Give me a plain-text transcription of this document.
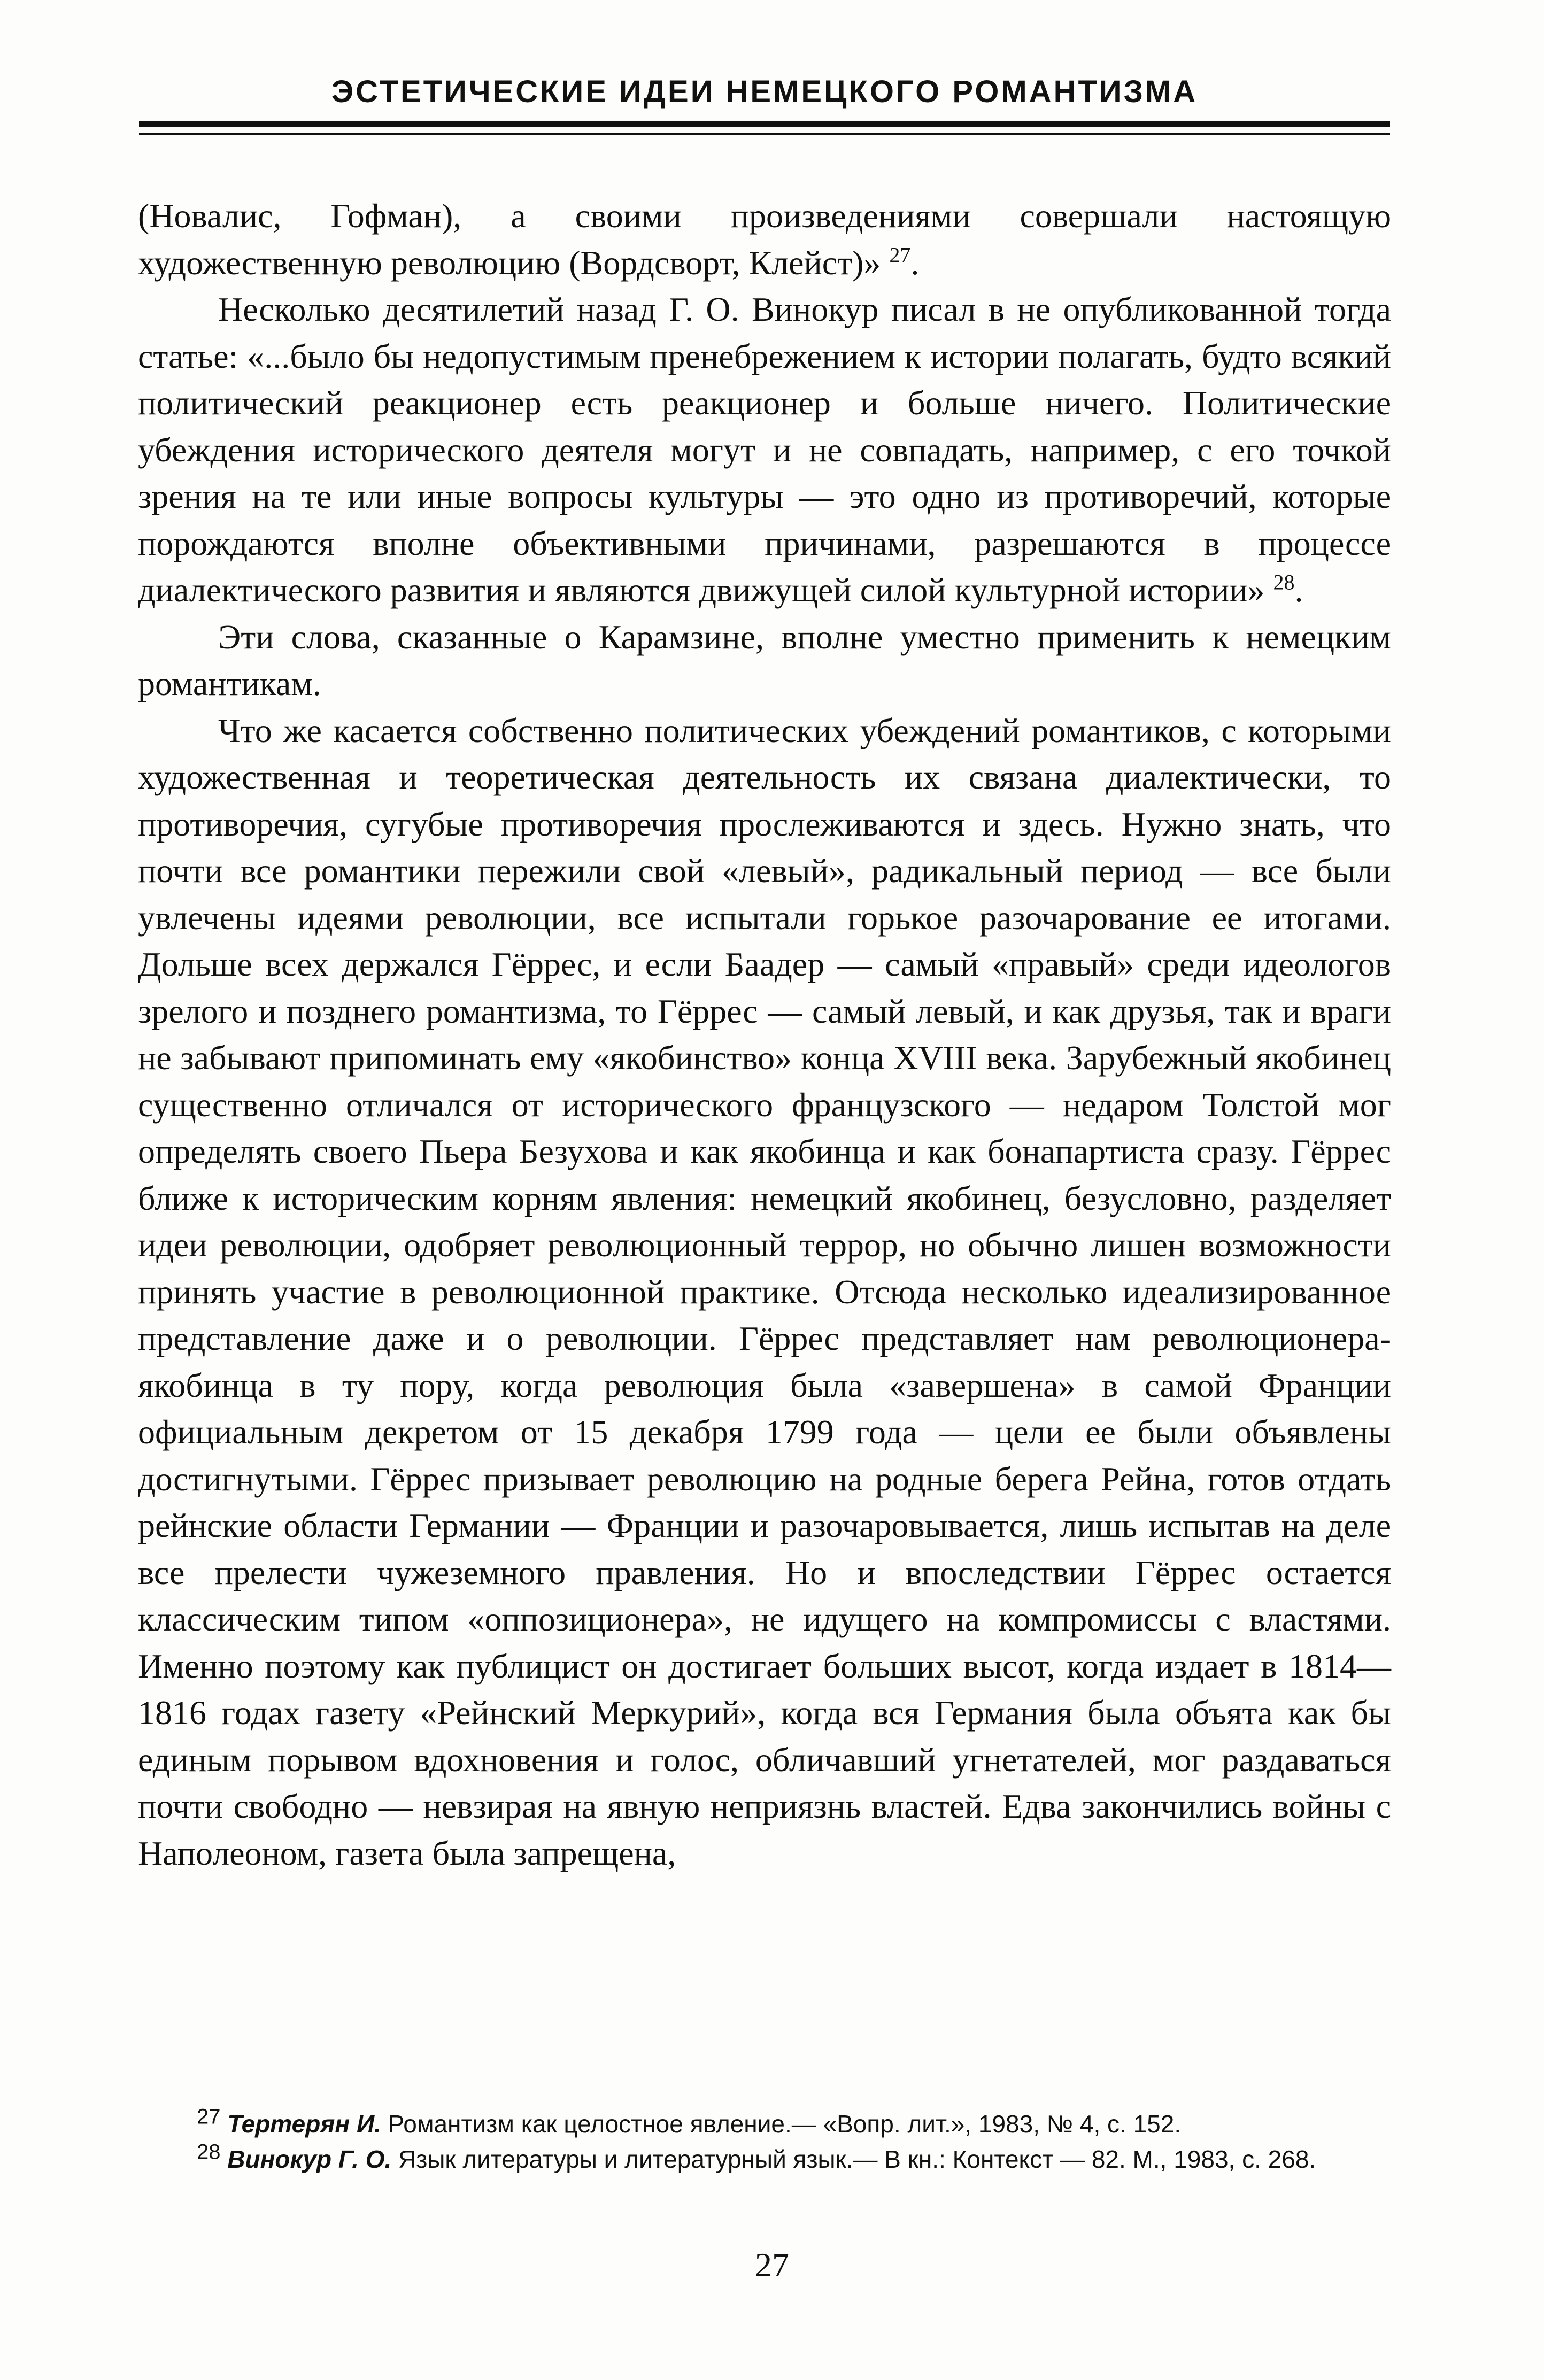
ЭСТЕТИЧЕСКИЕ ИДЕИ НЕМЕЦКОГО РОМАНТИЗМА

(Новалис, Гофман), а своими произведениями совершали настоящую художественную революцию (Вордсворт, Клейст)» $^{27}$.

Несколько десятилетий назад Г. О. Винокур писал в не опубликованной тогда статье: «...было бы недопустимым пренебрежением к истории полагать, будто всякий политический реакционер есть реакционер и больше ничего. Политические убеждения исторического деятеля могут и не совпадать, например, с его точкой зрения на те или иные вопросы культуры — это одно из противоречий, которые порождаются вполне объективными причинами, разрешаются в процессе диалектического развития и являются движущей силой культурной истории» $^{28}$.

Эти слова, сказанные о Карамзине, вполне уместно применить к немецким романтикам.

Что же касается собственно политических убеждений романтиков, с которыми художественная и теоретическая деятельность их связана диалектически, то противоречия, сугубые противоречия прослеживаются и здесь. Нужно знать, что почти все романтики пережили свой «левый», радикальный период — все были увлечены идеями революции, все испытали горькое разочарование ее итогами. Дольше всех держался Гёррес, и если Баадер — самый «правый» среди идеологов зрелого и позднего романтизма, то Гёррес — самый левый, и как друзья, так и враги не забывают припоминать ему «якобинство» конца XVIII века. Зарубежный якобинец существенно отличался от исторического французского — недаром Толстой мог определять своего Пьера Безухова и как якобинца и как бонапартиста сразу. Гёррес ближе к историческим корням явления: немецкий якобинец, безусловно, разделяет идеи революции, одобряет революционный террор, но обычно лишен возможности принять участие в революционной практике. Отсюда несколько идеализированное представление даже и о революции. Гёррес представляет нам революционера-якобинца в ту пору, когда революция была «завершена» в самой Франции официальным декретом от 15 декабря 1799 года — цели ее были объявлены достигнутыми. Гёррес призывает революцию на родные берега Рейна, готов отдать рейнские области Германии — Франции и разочаровывается, лишь испытав на деле все прелести чужеземного правления. Но и впоследствии Гёррес остается классическим типом «оппозиционера», не идущего на компромиссы с властями. Именно поэтому как публицист он достигает больших высот, когда издает в 1814—1816 годах газету «Рейнский Меркурий», когда вся Германия была объята как бы единым порывом вдохновения и голос, обличавший угнетателей, мог раздаваться почти свободно — невзирая на явную неприязнь властей. Едва закончились войны с Наполеоном, газета была запрещена,

$^{27}$ Тертерян И. Романтизм как целостное явление.— «Вопр. лит.», 1983, № 4, с. 152.

$^{28}$ Винокур Г. О. Язык литературы и литературный язык.— В кн.: Контекст — 82. М., 1983, с. 268.

27
